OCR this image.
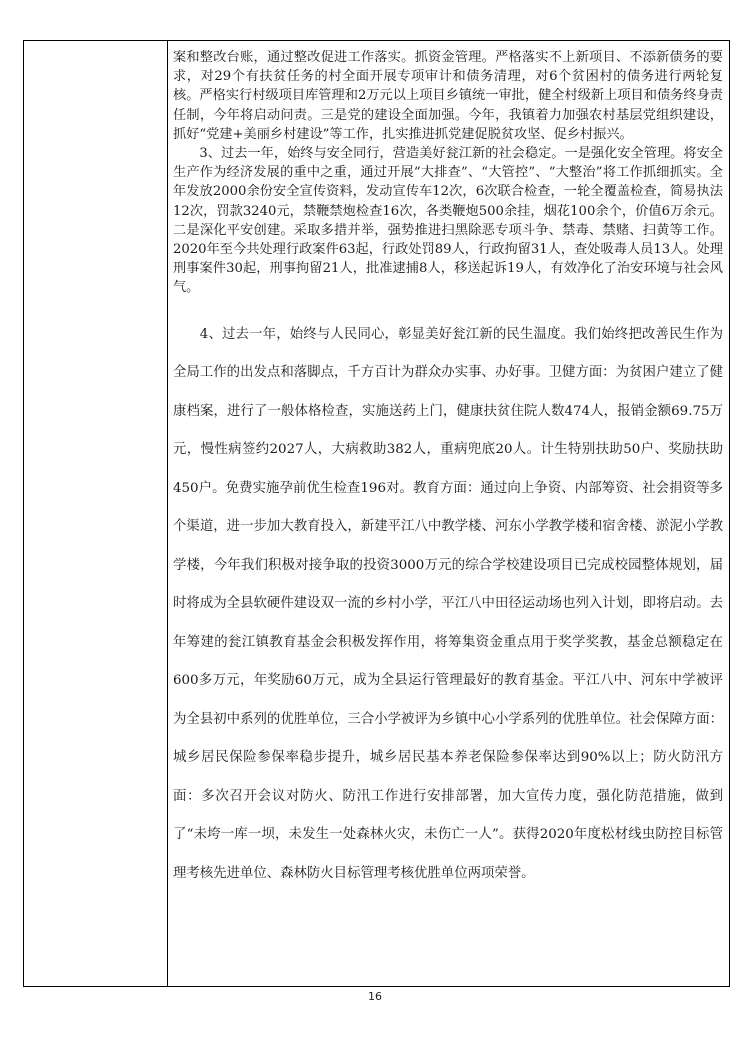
案和整改台账，通过整改促进工作落实。抓资金管理。严格落实不上新项目、不添新债务的要求，对29个有扶贫任务的村全面开展专项审计和债务清理，对6个贫困村的债务进行两轮复核。严格实行村级项目库管理和2万元以上项目乡镇统一审批，健全村级新上项目和债务终身责任制，今年将启动问责。三是党的建设全面加强。今年，我镇着力加强农村基层党组织建设，抓好“党建+美丽乡村建设”等工作，扎实推进抓党建促脱贫攻坚、促乡村振兴。

3、过去一年，始终与安全同行，营造美好瓮江新的社会稳定。一是强化安全管理。将安全生产作为经济发展的重中之重，通过开展“大排查”、“大管控”、“大整治”将工作抓细抓实。全年发放2000余份安全宣传资料，发动宣传车12次，6次联合检查，一轮全覆盖检查，简易执法12次，罚款3240元，禁鞭禁炮检查16次，各类鞭炮500余挂，烟花100余个，价值6万余元。二是深化平安创建。采取多措并举，强势推进扫黑除恶专项斗争、禁毒、禁赌、扫黄等工作。2020年至今共处理行政案件63起，行政处罚89人，行政拘留31人，查处吸毒人员13人。处理刑事案件30起，刑事拘留21人，批准逮捕8人，移送起诉19人，有效净化了治安环境与社会风气。

4、过去一年，始终与人民同心，彰显美好瓮江新的民生温度。我们始终把改善民生作为全局工作的出发点和落脚点，千方百计为群众办实事、办好事。卫健方面：为贫困户建立了健康档案，进行了一般体格检查，实施送药上门，健康扶贫住院人数474人，报销金额69.75万元，慢性病签约2027人，大病救助382人，重病兜底20人。计生特别扶助50户、奖励扶助450户。免费实施孕前优生检查196对。教育方面：通过向上争资、内部筹资、社会捐资等多个渠道，进一步加大教育投入，新建平江八中教学楼、河东小学教学楼和宿舍楼、淤泥小学教学楼，今年我们积极对接争取的投资3000万元的综合学校建设项目已完成校园整体规划，届时将成为全县软硬件建设双一流的乡村小学，平江八中田径运动场也列入计划，即将启动。去年筹建的瓮江镇教育基金会积极发挥作用，将筹集资金重点用于奖学奖教，基金总额稳定在600多万元，年奖励60万元，成为全县运行管理最好的教育基金。平江八中、河东中学被评为全县初中系列的优胜单位，三合小学被评为乡镇中心小学系列的优胜单位。社会保障方面：城乡居民保险参保率稳步提升，城乡居民基本养老保险参保率达到90%以上；防火防汛方面：多次召开会议对防火、防汛工作进行安排部署，加大宣传力度，强化防范措施，做到了“未垮一库一坝，未发生一处森林火灾，未伤亡一人”。获得2020年度松材线虫防控目标管理考核先进单位、森林防火目标管理考核优胜单位两项荣誉。

16
